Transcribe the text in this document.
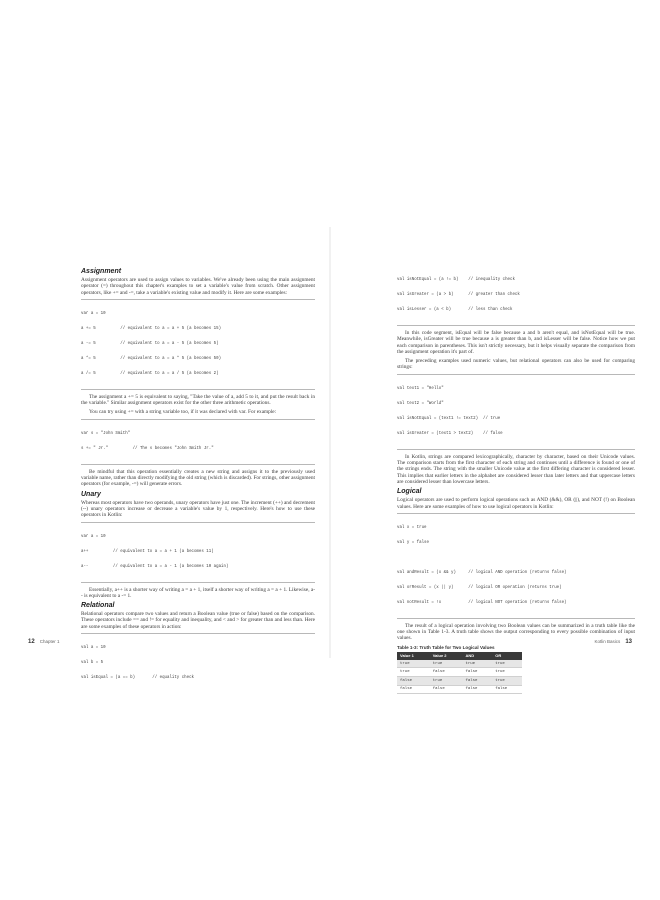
Assignment

Assignment operators are used to assign values to variables. We've already been using the main assignment operator (=) throughout this chapter's examples to set a variable's value from scratch. Other assignment operators, like += and -=, take a variable's existing value and modify it. Here are some examples:

var a = 10

a += 5          // equivalent to a = a + 5 (a becomes 15)

a -= 5          // equivalent to a = a - 5 (a becomes 5)

a *= 5          // equivalent to a = a * 5 (a becomes 50)

a /= 5          // equivalent to a = a / 5 (a becomes 2)

The assignment a += 5 is equivalent to saying, "Take the value of a, add 5 to it, and put the result back in the variable." Similar assignment operators exist for the other three arithmetic operations.

You can try using += with a string variable too, if it was declared with var. For example:

var s = "John Smith"

s += " Jr."          // The s becomes "John Smith Jr."

Be mindful that this operation essentially creates a new string and assigns it to the previously used variable name, rather than directly modifying the old string (which is discarded). For strings, other assignment operators (for example, -=) will generate errors.

Unary

Whereas most operators have two operands, unary operators have just one. The increment (++) and decrement (--) unary operators increase or decrease a variable's value by 1, respectively. Here's how to use these operators in Kotlin:

var a = 10

a++          // equivalent to a = a + 1 (a becomes 11)

a--          // equivalent to a = a - 1 (a becomes 10 again)

Essentially, a++ is a shorter way of writing a = a + 1, itself a shorter way of writing a = a + 1. Likewise, a-- is equivalent to a -= 1.

Relational

Relational operators compare two values and return a Boolean value (true or false) based on the comparison. These operators include == and != for equality and inequality, and < and > for greater than and less than. Here are some examples of these operators in action:

val a = 10

val b = 5

val isEqual = (a == b)       // equality check

12 Chapter 1

val isNotEqual = (a != b)    // inequality check

val isGreater = (a > b)      // greater than check

val isLesser = (a < b)       // less than check

In this code segment, isEqual will be false because a and b aren't equal, and isNotEqual will be true. Meanwhile, isGreater will be true because a is greater than b, and isLesser will be false. Notice how we put each comparison in parentheses. This isn't strictly necessary, but it helps visually separate the comparison from the assignment operation it's part of.

The preceding examples used numeric values, but relational operators can also be used for comparing strings:

val text1 = "Hello"

val text2 = "World"

val isNotEqual = (text1 != text2)  // true

val isGreater = (text1 > text2)    // false

In Kotlin, strings are compared lexicographically, character by character, based on their Unicode values. The comparison starts from the first character of each string and continues until a difference is found or one of the strings ends. The string with the smaller Unicode value at the first differing character is considered lesser. This implies that earlier letters in the alphabet are considered lesser than later letters and that uppercase letters are considered lesser than lowercase letters.

Logical

Logical operators are used to perform logical operations such as AND (&&), OR (||), and NOT (!) on Boolean values. Here are some examples of how to use logical operators in Kotlin:

val x = true

val y = false

val andResult = (x && y)     // logical AND operation (returns false)

val orResult = (x || y)      // logical OR operation (returns true)

val notResult = !x           // logical NOT operation (returns false)

The result of a logical operation involving two Boolean values can be summarized in a truth table like the one shown in Table 1-3. A truth table shows the output corresponding to every possible combination of input values.

Table 1-3: Truth Table for Two Logical Values
Value 1	Value 2	AND	OR
true	true	true	true
true	false	false	true
false	true	false	true
false	false	false	false
Kotlin Basics 13
